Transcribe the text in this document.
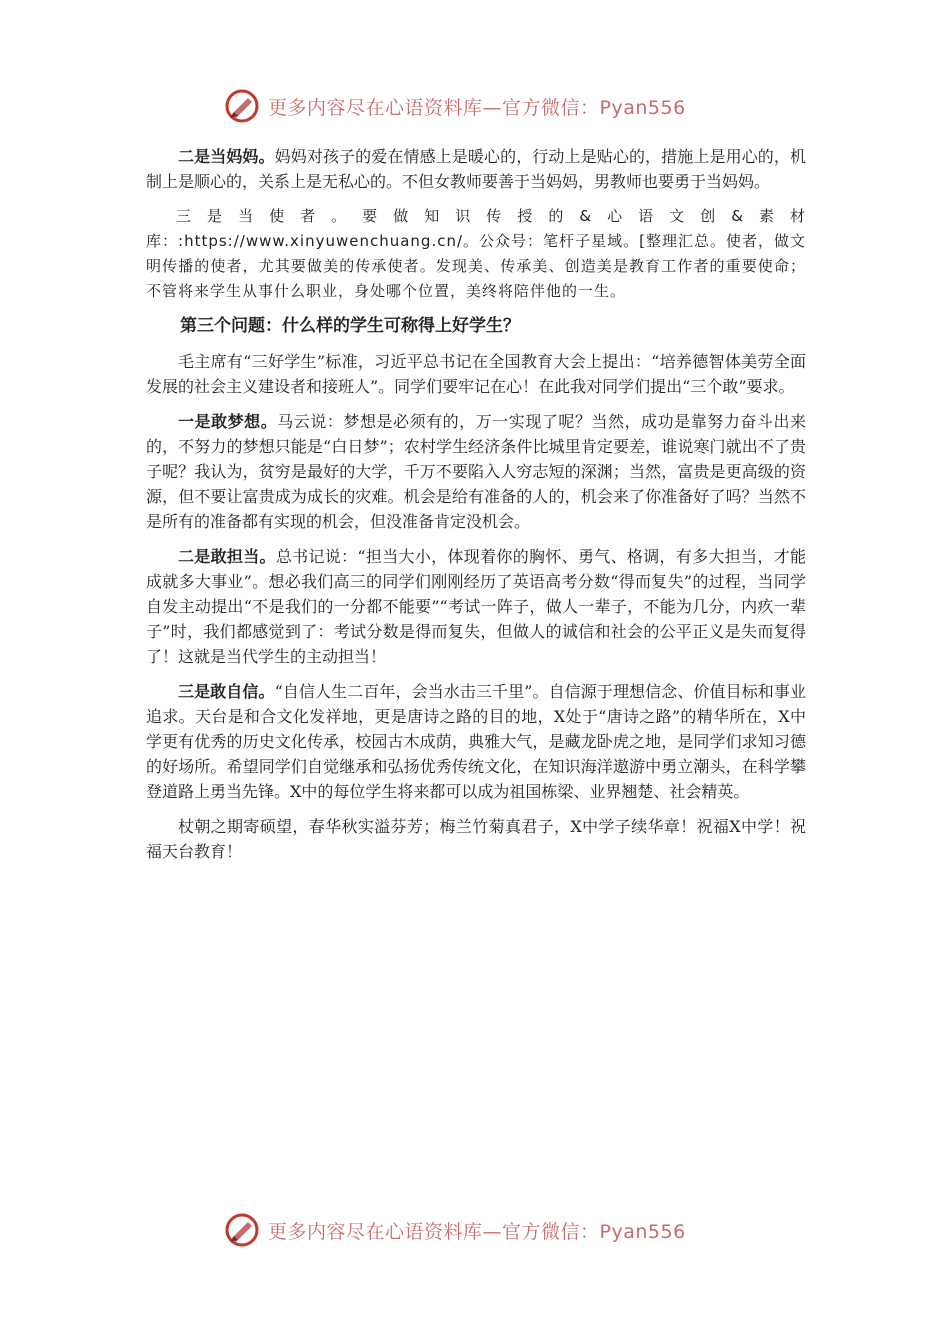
更多内容尽在心语资料库—官方微信：Pyan556

二是当妈妈。妈妈对孩子的爱在情感上是暖心的，行动上是贴心的，措施上是用心的，机制上是顺心的，关系上是无私心的。不但女教师要善于当妈妈，男教师也要勇于当妈妈。

三是当使者。要做知识传授的&心语文创&素材库：:https://www.xinyuwenchuang.cn/。公众号：笔杆子星域。[整理汇总。使者，做文明传播的使者，尤其要做美的传承使者。发现美、传承美、创造美是教育工作者的重要使命；不管将来学生从事什么职业，身处哪个位置，美终将陪伴他的一生。

第三个问题：什么样的学生可称得上好学生？

毛主席有“三好学生”标准，习近平总书记在全国教育大会上提出：“培养德智体美劳全面发展的社会主义建设者和接班人”。同学们要牢记在心！在此我对同学们提出“三个敢”要求。

一是敢梦想。马云说：梦想是必须有的，万一实现了呢？当然，成功是靠努力奋斗出来的，不努力的梦想只能是“白日梦”；农村学生经济条件比城里肯定要差，谁说寒门就出不了贵子呢？我认为，贫穷是最好的大学，千万不要陷入人穷志短的深渊；当然，富贵是更高级的资源，但不要让富贵成为成长的灾难。机会是给有准备的人的，机会来了你准备好了吗？当然不是所有的准备都有实现的机会，但没准备肯定没机会。

二是敢担当。总书记说：“担当大小，体现着你的胸怀、勇气、格调，有多大担当，才能成就多大事业”。想必我们高三的同学们刚刚经历了英语高考分数“得而复失”的过程，当同学自发主动提出“不是我们的一分都不能要”“考试一阵子，做人一辈子，不能为几分，内疚一辈子”时，我们都感觉到了：考试分数是得而复失，但做人的诚信和社会的公平正义是失而复得了！这就是当代学生的主动担当！

三是敢自信。“自信人生二百年，会当水击三千里”。自信源于理想信念、价值目标和事业追求。天台是和合文化发祥地，更是唐诗之路的目的地，X处于“唐诗之路”的精华所在，X中学更有优秀的历史文化传承，校园古木成荫，典雅大气，是藏龙卧虎之地，是同学们求知习德的好场所。希望同学们自觉继承和弘扬优秀传统文化，在知识海洋遨游中勇立潮头，在科学攀登道路上勇当先锋。X中的每位学生将来都可以成为祖国栋梁、业界翘楚、社会精英。

杖朝之期寄硕望，春华秋实溢芬芳；梅兰竹菊真君子，X中学子续华章！祝福X中学！祝福天台教育！

更多内容尽在心语资料库—官方微信：Pyan556
